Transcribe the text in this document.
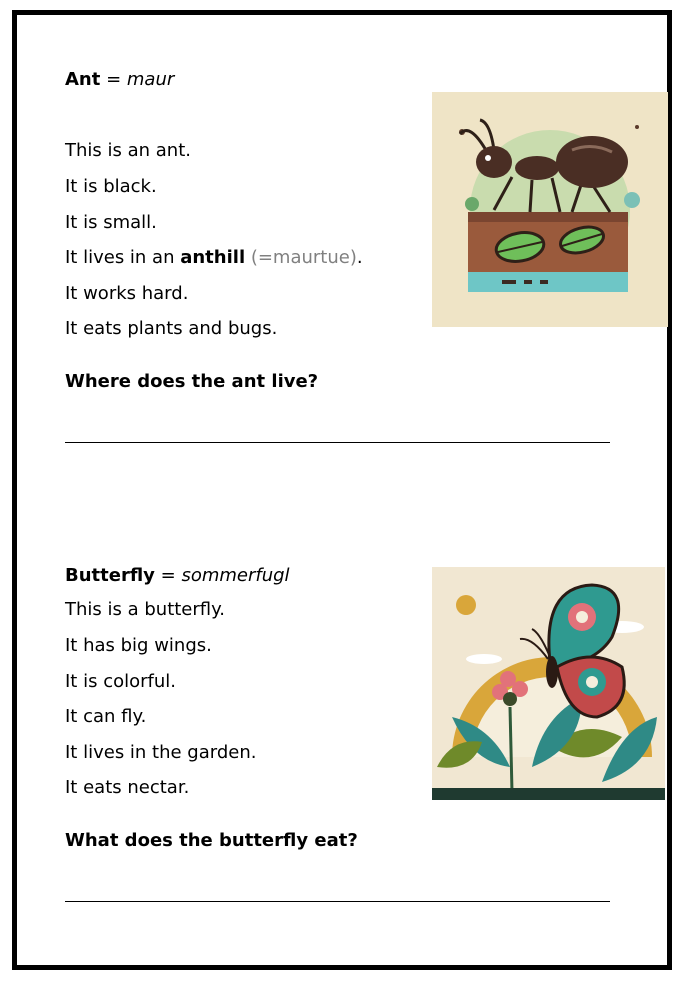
Ant = maur
This is an ant.
It is black.
It is small.
It lives in an anthill (=maurtue).
It works hard.
It eats plants and bugs.
Where does the ant live?
Butterfly = sommerfugl
This is a butterfly.
It has big wings.
It is colorful.
It can fly.
It lives in the garden.
It eats nectar.
What does the butterfly eat?
